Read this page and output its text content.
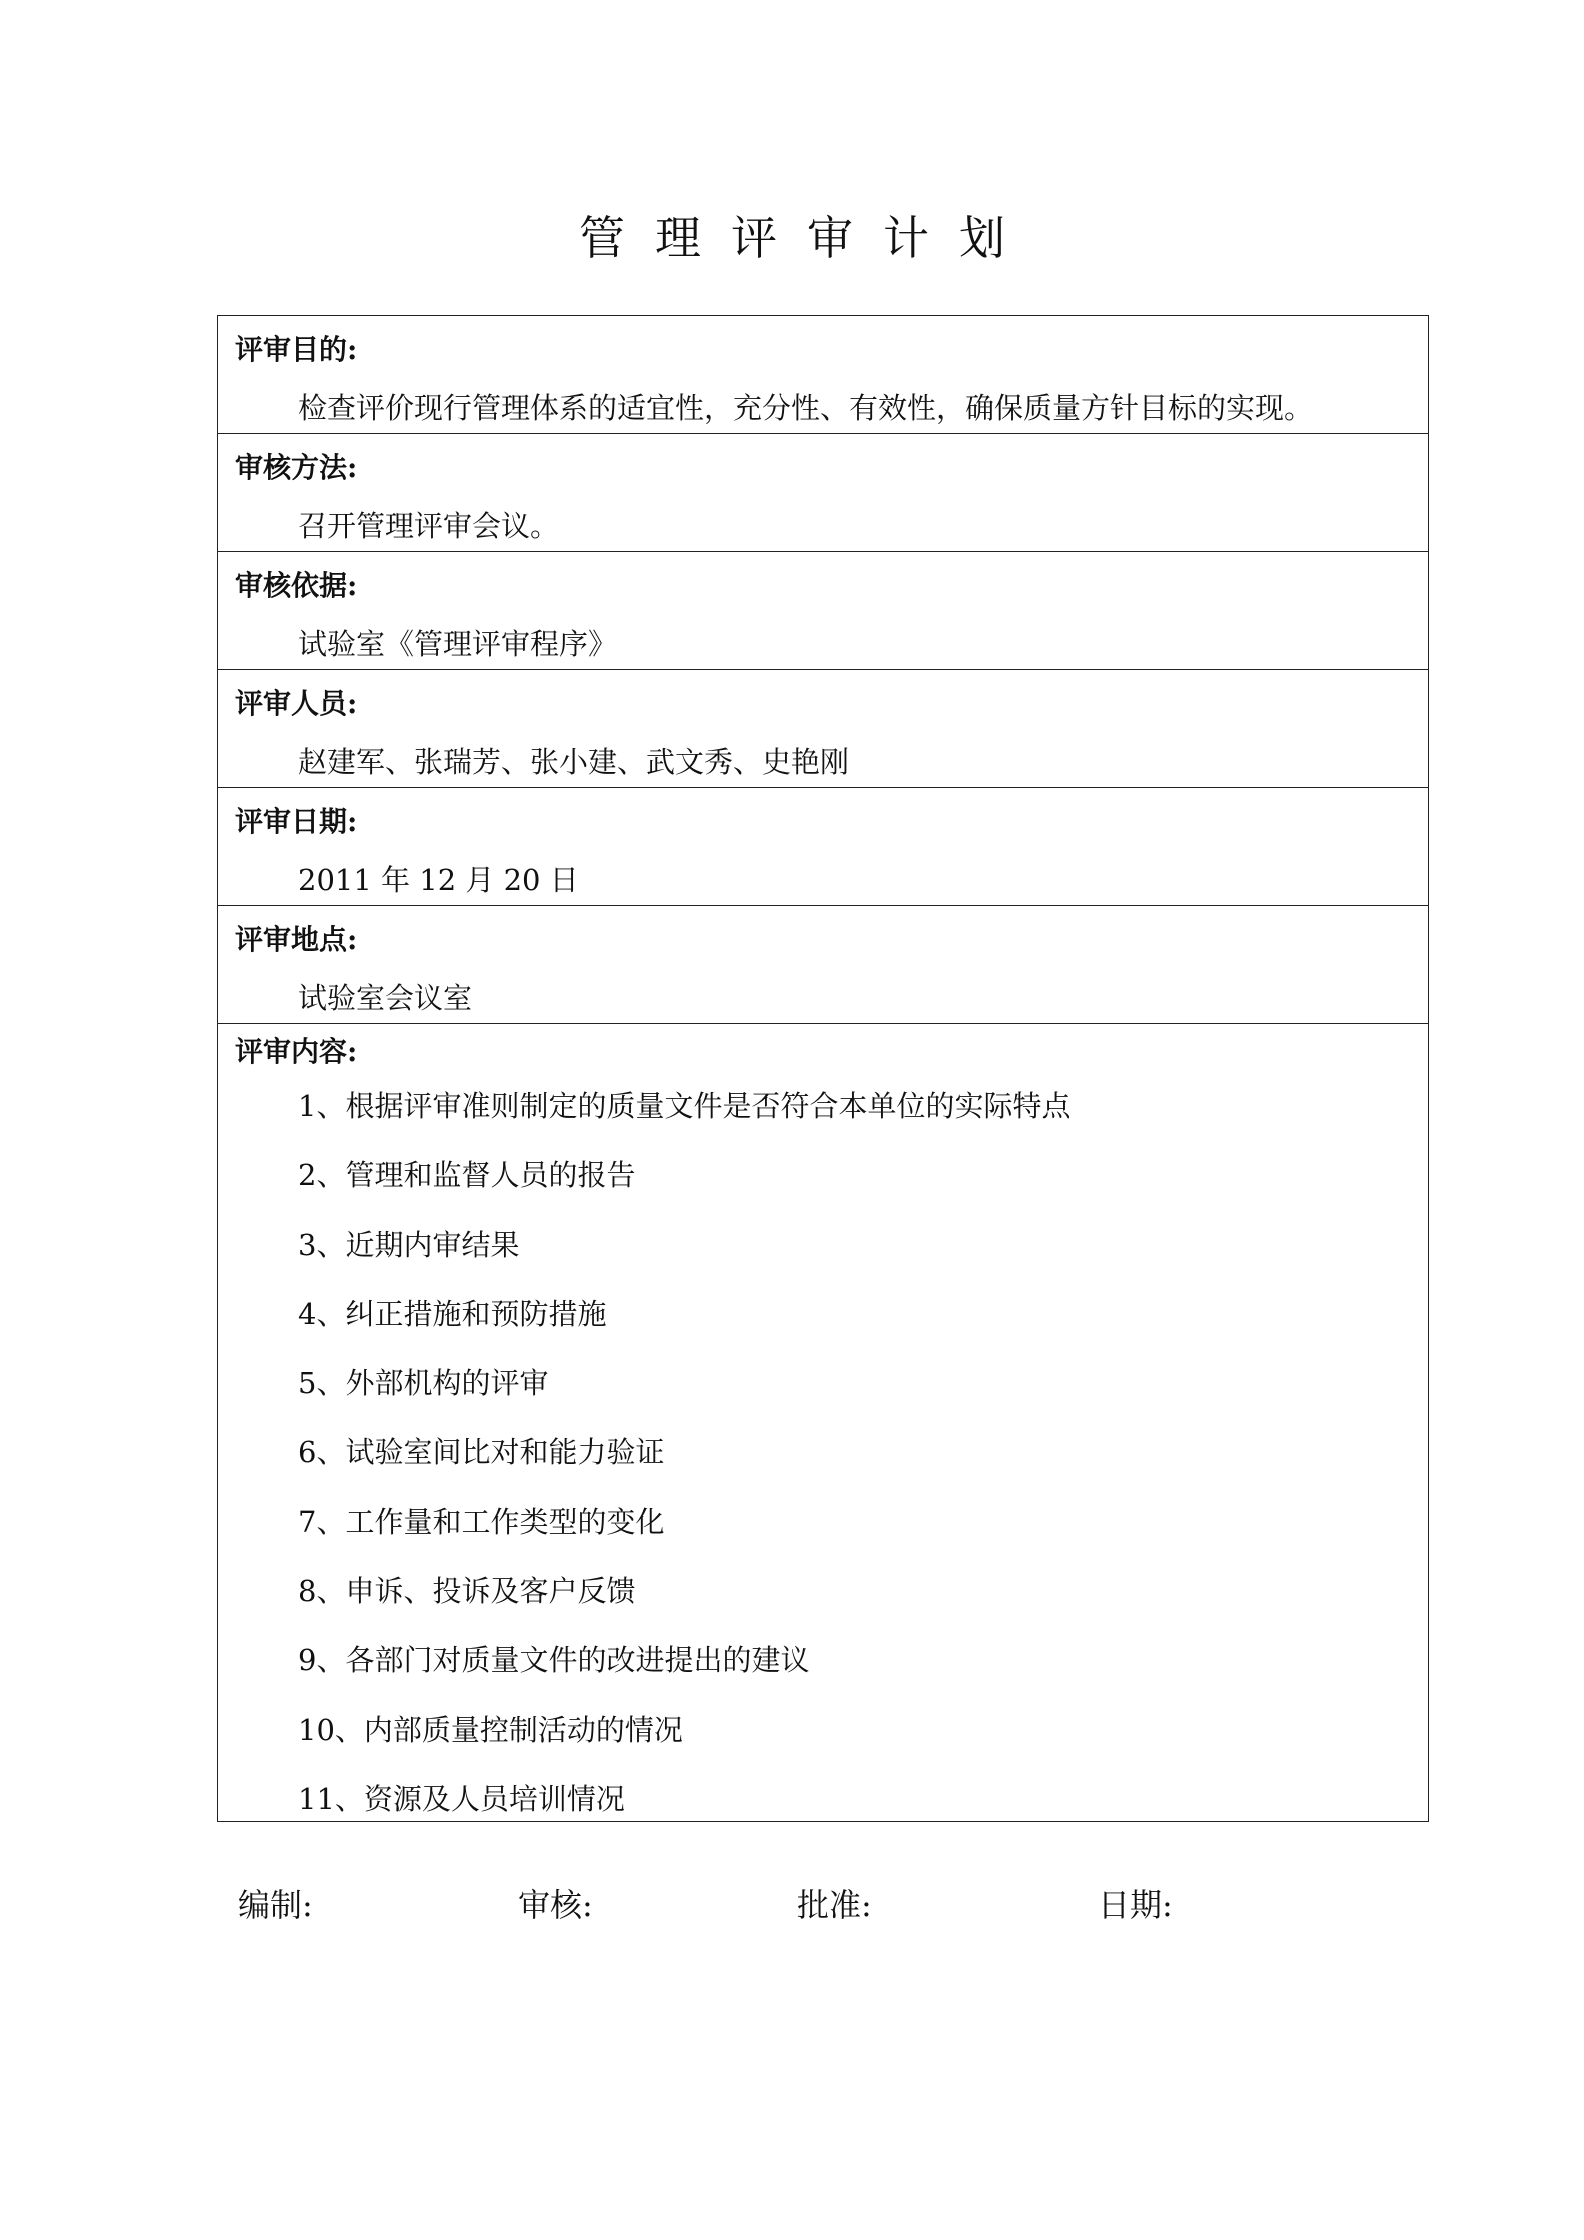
管理评审计划
评审目的:
检查评价现行管理体系的适宜性，充分性、有效性，确保质量方针目标的实现。
审核方法:
召开管理评审会议。
审核依据:
试验室《管理评审程序》
评审人员:
赵建军、张瑞芳、张小建、武文秀、史艳刚
评审日期:
2011 年 12 月 20 日
评审地点:
试验室会议室
评审内容:
1、根据评审准则制定的质量文件是否符合本单位的实际特点
2、管理和监督人员的报告
3、近期内审结果
4、纠正措施和预防措施
5、外部机构的评审
6、试验室间比对和能力验证
7、工作量和工作类型的变化
8、申诉、投诉及客户反馈
9、各部门对质量文件的改进提出的建议
10、内部质量控制活动的情况
11、资源及人员培训情况
编制:	审核:	批准:	日期:
